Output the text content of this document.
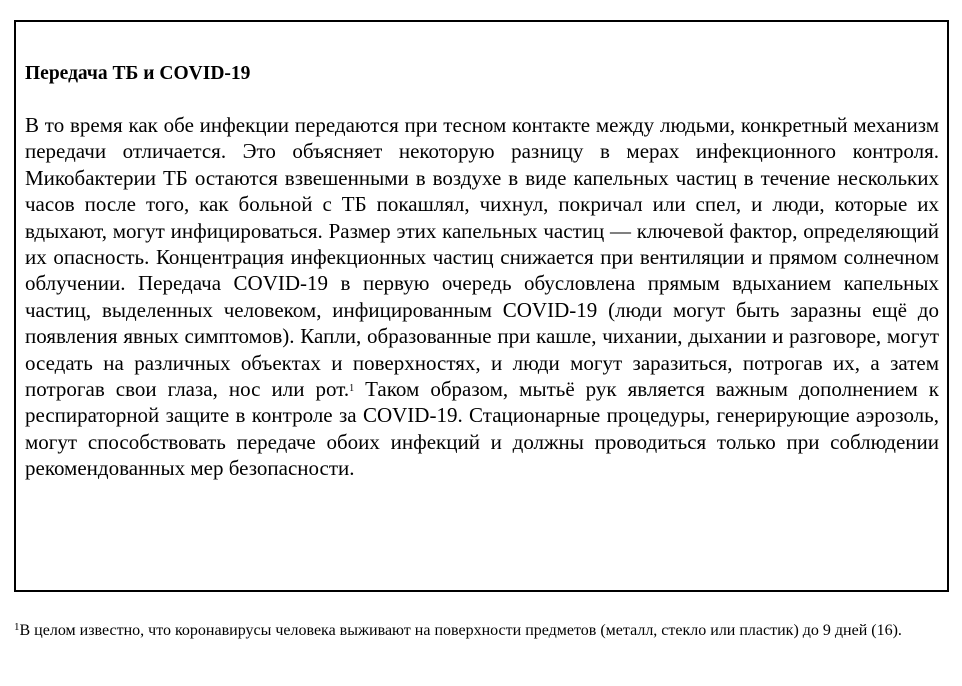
Передача ТБ и COVID-19

В то время как обе инфекции передаются при тесном контакте между людьми, конкретный механизм передачи отличается. Это объясняет некоторую разницу в мерах инфекционного контроля. Микобактерии ТБ остаются взвешенными в воздухе в виде капельных частиц в течение нескольких часов после того, как больной с ТБ покашлял, чихнул, покричал или спел, и люди, которые их вдыхают, могут инфицироваться. Размер этих капельных частиц — ключевой фактор, определяющий их опасность. Концентрация инфекционных частиц снижается при вентиляции и прямом солнечном облучении. Передача COVID-19 в первую очередь обусловлена прямым вдыханием капельных частиц, выделенных человеком, инфицированным COVID-19 (люди могут быть заразны ещё до появления явных симптомов). Капли, образованные при кашле, чихании, дыхании и разговоре, могут оседать на различных объектах и поверхностях, и люди могут заразиться, потрогав их, а затем потрогав свои глаза, нос или рот.$^1$ Таком образом, мытьё рук является важным дополнением к респираторной защите в контроле за COVID-19. Стационарные процедуры, генерирующие аэрозоль, могут способствовать передаче обоих инфекций и должны проводиться только при соблюдении рекомендованных мер безопасности.

$^1$В целом известно, что коронавирусы человека выживают на поверхности предметов (металл, стекло или пластик) до 9 дней (16).
